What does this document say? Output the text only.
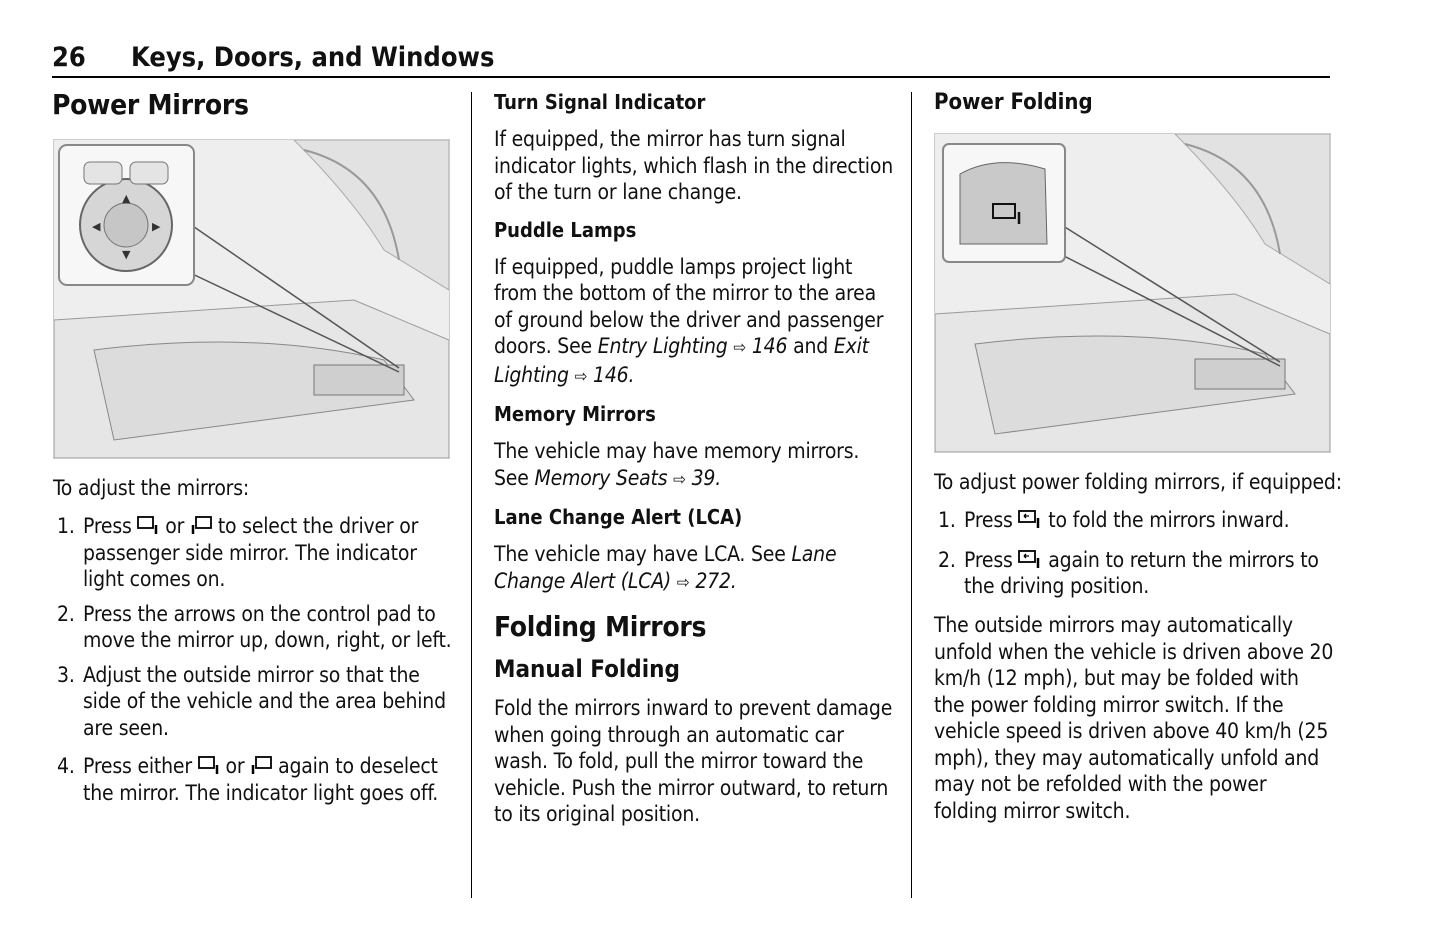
26 Keys, Doors, and Windows
Power Mirrors
▲
▼
◀	▶

To adjust the mirrors:

1. Press or to select the driver or passenger side mirror. The indicator light comes on.
2. Press the arrows on the control pad to move the mirror up, down, right, or left.
3. Adjust the outside mirror so that the side of the vehicle and the area behind are seen.
4. Press either or again to deselect the mirror. The indicator light goes off.
Turn Signal Indicator

If equipped, the mirror has turn signal indicator lights, which flash in the direction of the turn or lane change.

Puddle Lamps

If equipped, puddle lamps project light from the bottom of the mirror to the area of ground below the driver and passenger doors. See Entry Lighting ⇨ 146 and Exit Lighting ⇨ 146.

Memory Mirrors

The vehicle may have memory mirrors. See Memory Seats ⇨ 39.

Lane Change Alert (LCA)

The vehicle may have LCA. See Lane Change Alert (LCA) ⇨ 272.

Folding Mirrors
Manual Folding

Fold the mirrors inward to prevent damage when going through an automatic car wash. To fold, pull the mirror toward the vehicle. Push the mirror outward, to return to its original position.

Power Folding

To adjust power folding mirrors, if equipped:

1. Press to fold the mirrors inward.
2. Press again to return the mirrors to the driving position.

The outside mirrors may automatically unfold when the vehicle is driven above 20 km/h (12 mph), but may be folded with the power folding mirror switch. If the vehicle speed is driven above 40 km/h (25 mph), they may automatically unfold and may not be refolded with the power folding mirror switch.
